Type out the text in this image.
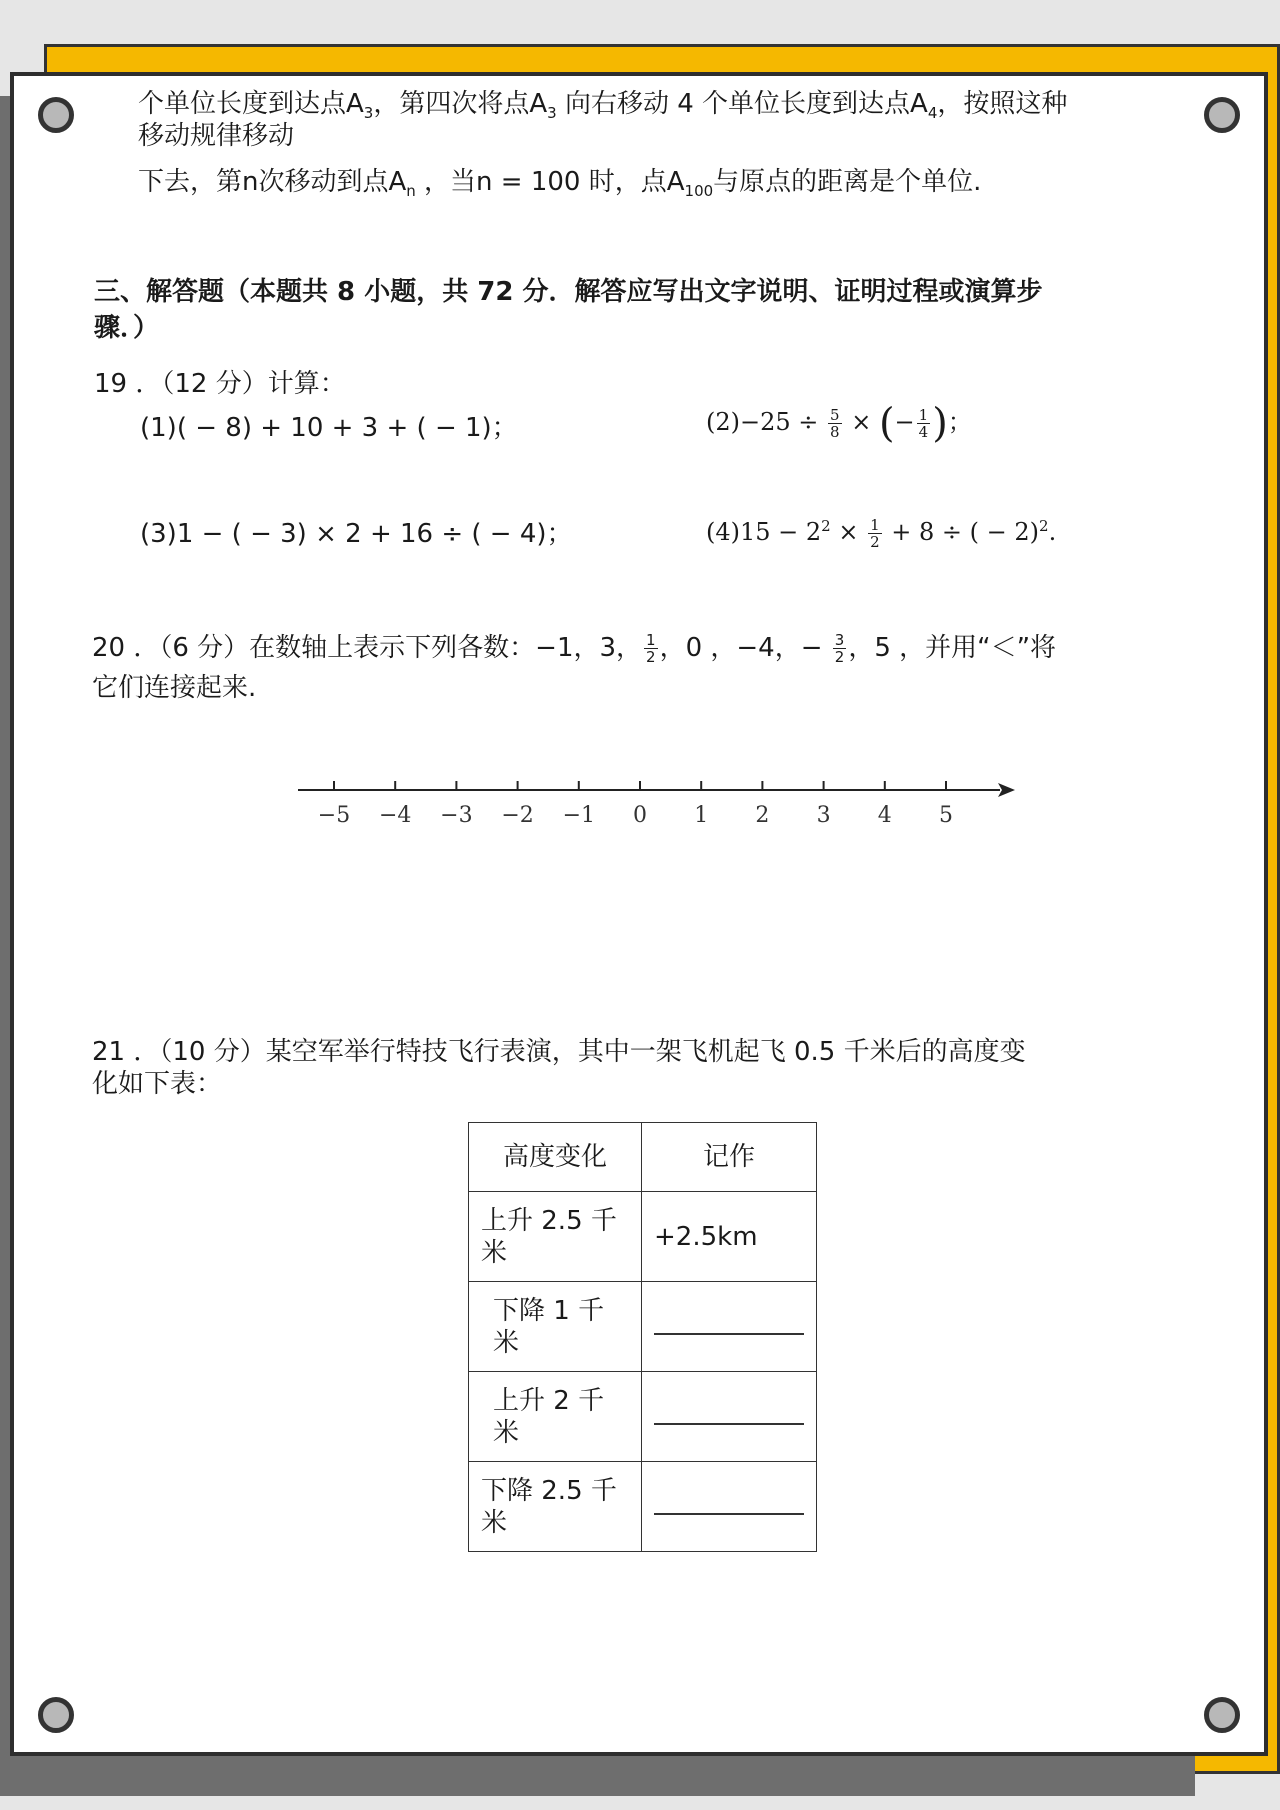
个单位长度到达点$A_3$，第四次将点$A_3$ 向右移动 4 个单位长度到达点$A_4$，按照这种
移动规律移动
下去，第n次移动到点$A_n$ ，当n = 100 时，点$A_{100}$与原点的距离是个单位.
三、解答题（本题共 8 小题，共 72 分．解答应写出文字说明、证明过程或演算步
骤．）
19 ．（12 分）计算：
(1)( − 8) + 10 + 3 + ( − 1)；	$(2)-25 \div \frac{5}{8}$ × (− $\frac{1}{4}$ )；
(3)1 − ( − 3) × 2 + 16 ÷ ( − 4)；	$(4)15 - 2^2 \times \frac{1}{2} + 8$ ÷ ( − 2)$^2$.
20 ．（6 分）在数轴上表示下列各数：−1，3， $\frac{1}{2}$ ，0 ，−4，− $\frac{3}{2}$ ，5 ，并用“＜”将
它们连接起来.
−5 −4 −3 −2 −1 0 1 2 3 4 5
21 ．（10 分）某空军举行特技飞行表演，其中一架飞机起飞 0.5 千米后的高度变
化如下表：
高度变化	记作

上升 2.5 千米	+2.5km

下降 1 千米	

上升 2 千米	

下降 2.5 千米	
